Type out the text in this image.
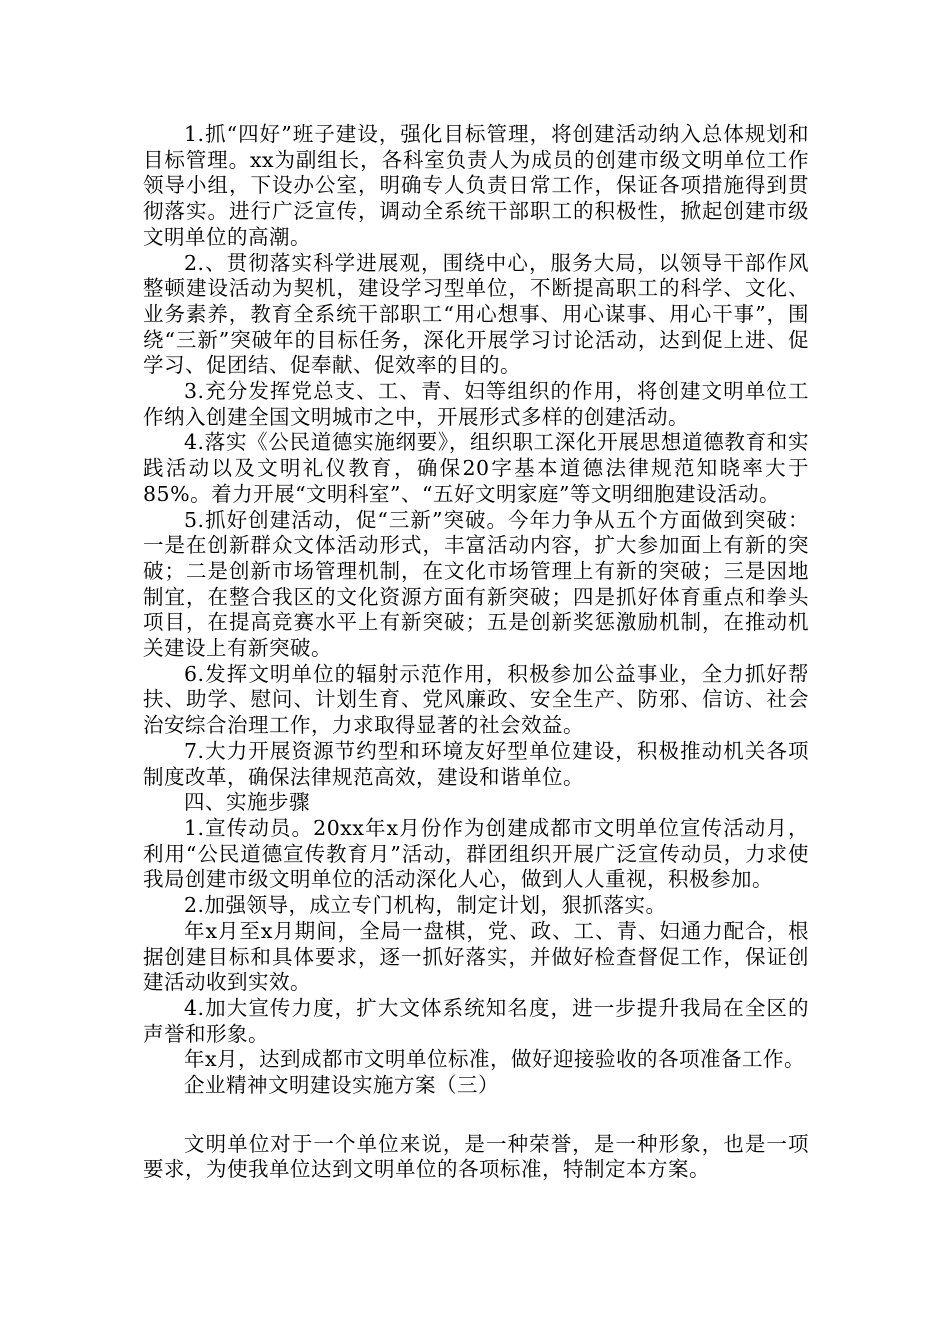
1.抓“四好”班子建设，强化目标管理，将创建活动纳入总体规划和目标管理。xx为副组长，各科室负责人为成员的创建市级文明单位工作领导小组，下设办公室，明确专人负责日常工作，保证各项措施得到贯彻落实。进行广泛宣传，调动全系统干部职工的积极性，掀起创建市级文明单位的高潮。

2.、贯彻落实科学进展观，围绕中心，服务大局，以领导干部作风整顿建设活动为契机，建设学习型单位，不断提高职工的科学、文化、业务素养，教育全系统干部职工“用心想事、用心谋事、用心干事”，围绕“三新”突破年的目标任务，深化开展学习讨论活动，达到促上进、促学习、促团结、促奉献、促效率的目的。

3.充分发挥党总支、工、青、妇等组织的作用，将创建文明单位工作纳入创建全国文明城市之中，开展形式多样的创建活动。

4.落实《公民道德实施纲要》，组织职工深化开展思想道德教育和实践活动以及文明礼仪教育，确保20字基本道德法律规范知晓率大于85%。着力开展“文明科室”、“五好文明家庭”等文明细胞建设活动。

5.抓好创建活动，促“三新”突破。今年力争从五个方面做到突破：一是在创新群众文体活动形式，丰富活动内容，扩大参加面上有新的突破；二是创新市场管理机制，在文化市场管理上有新的突破；三是因地制宜，在整合我区的文化资源方面有新突破；四是抓好体育重点和拳头项目，在提高竞赛水平上有新突破；五是创新奖惩激励机制，在推动机关建设上有新突破。

6.发挥文明单位的辐射示范作用，积极参加公益事业，全力抓好帮扶、助学、慰问、计划生育、党风廉政、安全生产、防邪、信访、社会治安综合治理工作，力求取得显著的社会效益。

7.大力开展资源节约型和环境友好型单位建设，积极推动机关各项制度改革，确保法律规范高效，建设和谐单位。

四、实施步骤

1.宣传动员。20xx年x月份作为创建成都市文明单位宣传活动月，利用“公民道德宣传教育月”活动，群团组织开展广泛宣传动员，力求使我局创建市级文明单位的活动深化人心，做到人人重视，积极参加。

2.加强领导，成立专门机构，制定计划，狠抓落实。

年x月至x月期间，全局一盘棋，党、政、工、青、妇通力配合，根据创建目标和具体要求，逐一抓好落实，并做好检查督促工作，保证创建活动收到实效。

4.加大宣传力度，扩大文体系统知名度，进一步提升我局在全区的声誉和形象。

年x月，达到成都市文明单位标准，做好迎接验收的各项准备工作。

企业精神文明建设实施方案（三）

文明单位对于一个单位来说，是一种荣誉，是一种形象，也是一项要求，为使我单位达到文明单位的各项标准，特制定本方案。
